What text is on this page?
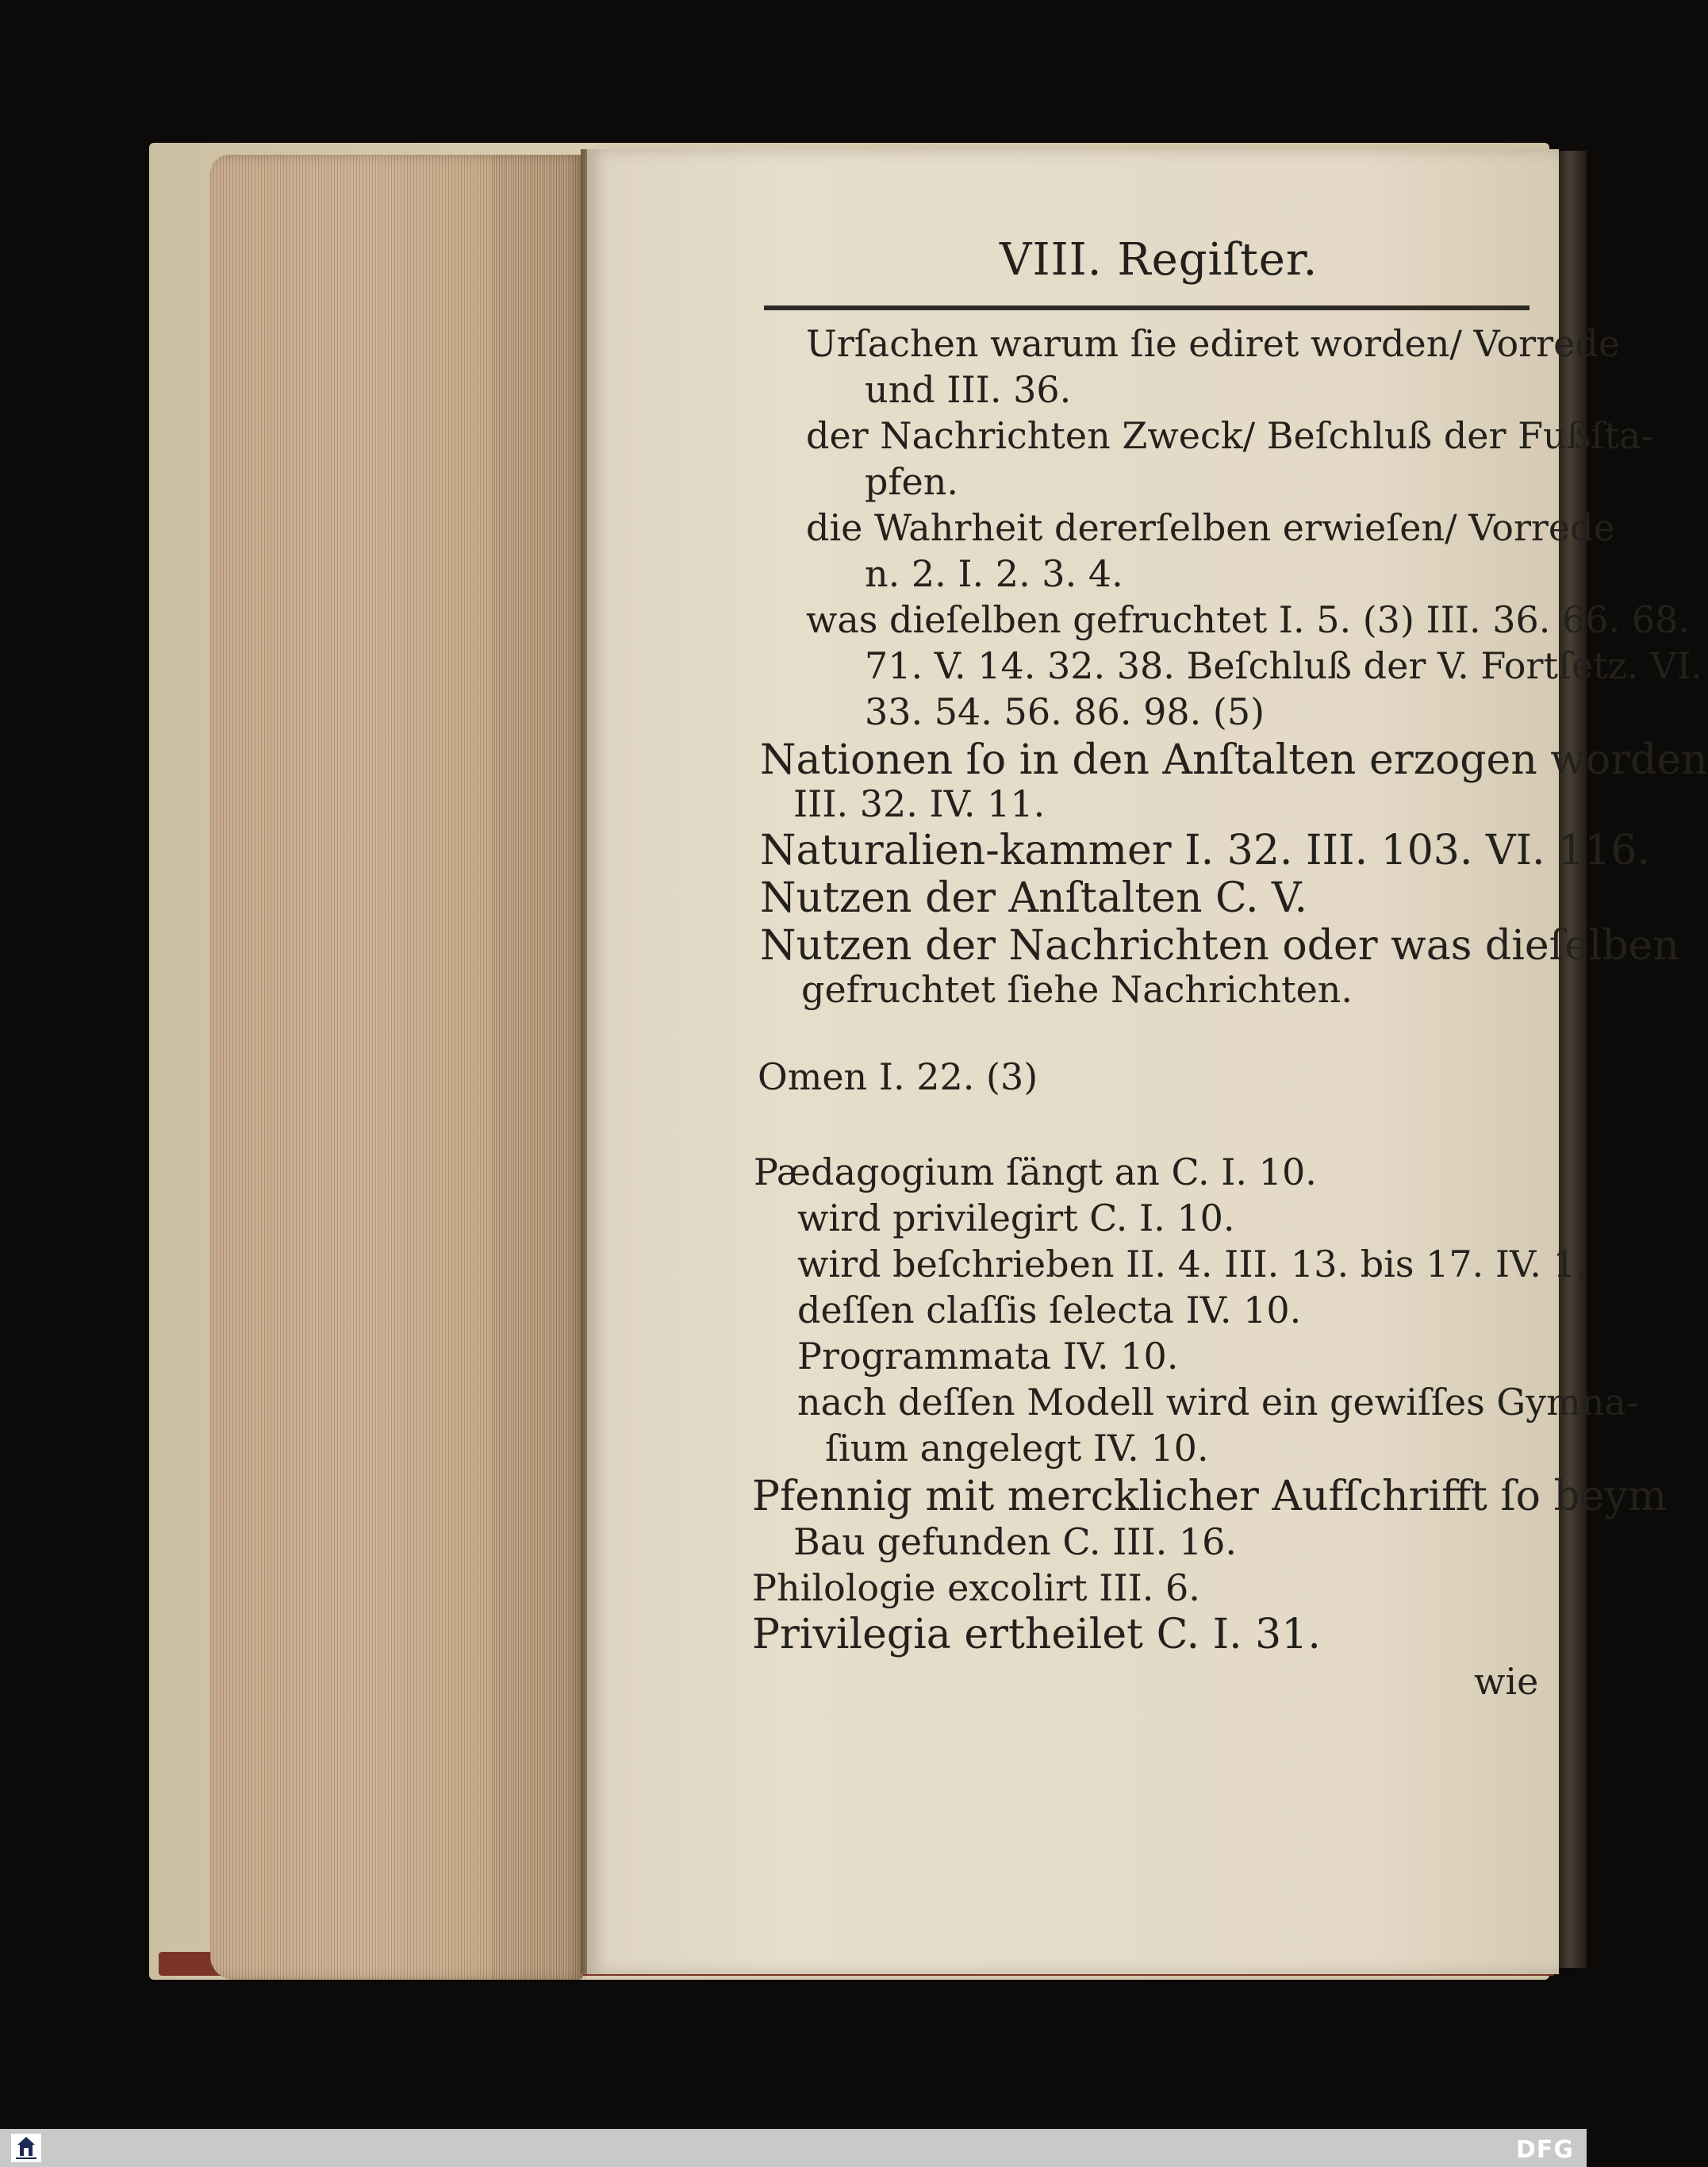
VIII. Regiſter.
Urſachen warum ſie ediret worden/ Vorrede
und III. 36.
der Nachrichten Zweck/ Beſchluß der Fußſta-
pfen.
die Wahrheit dererſelben erwieſen/ Vorrede
n. 2. I. 2. 3. 4.
was dieſelben gefruchtet I. 5. (3) III. 36. 66. 68.
71. V. 14. 32. 38. Beſchluß der V. Fortſetz. VI.
33. 54. 56. 86. 98. (5)
Nationen ſo in den Anſtalten erzogen worden
III. 32. IV. 11.
Naturalien-kammer I. 32. III. 103. VI. 116.
Nutzen der Anſtalten C. V.
Nutzen der Nachrichten oder was dieſelben
gefruchtet ſiehe Nachrichten.
Omen I. 22. (3)
Pædagogium ſängt an C. I. 10.
wird privilegirt C. I. 10.
wird beſchrieben II. 4. III. 13. bis 17. IV. 1.
deſſen claſſis ſelecta IV. 10.
Programmata IV. 10.
nach deſſen Modell wird ein gewiſſes Gymna-
ſium angelegt IV. 10.
Pfennig mit mercklicher Aufſchrifft ſo beym
Bau gefunden C. III. 16.
Philologie excolirt III. 6.
Privilegia ertheilet C. I. 31.
wie
DFG
